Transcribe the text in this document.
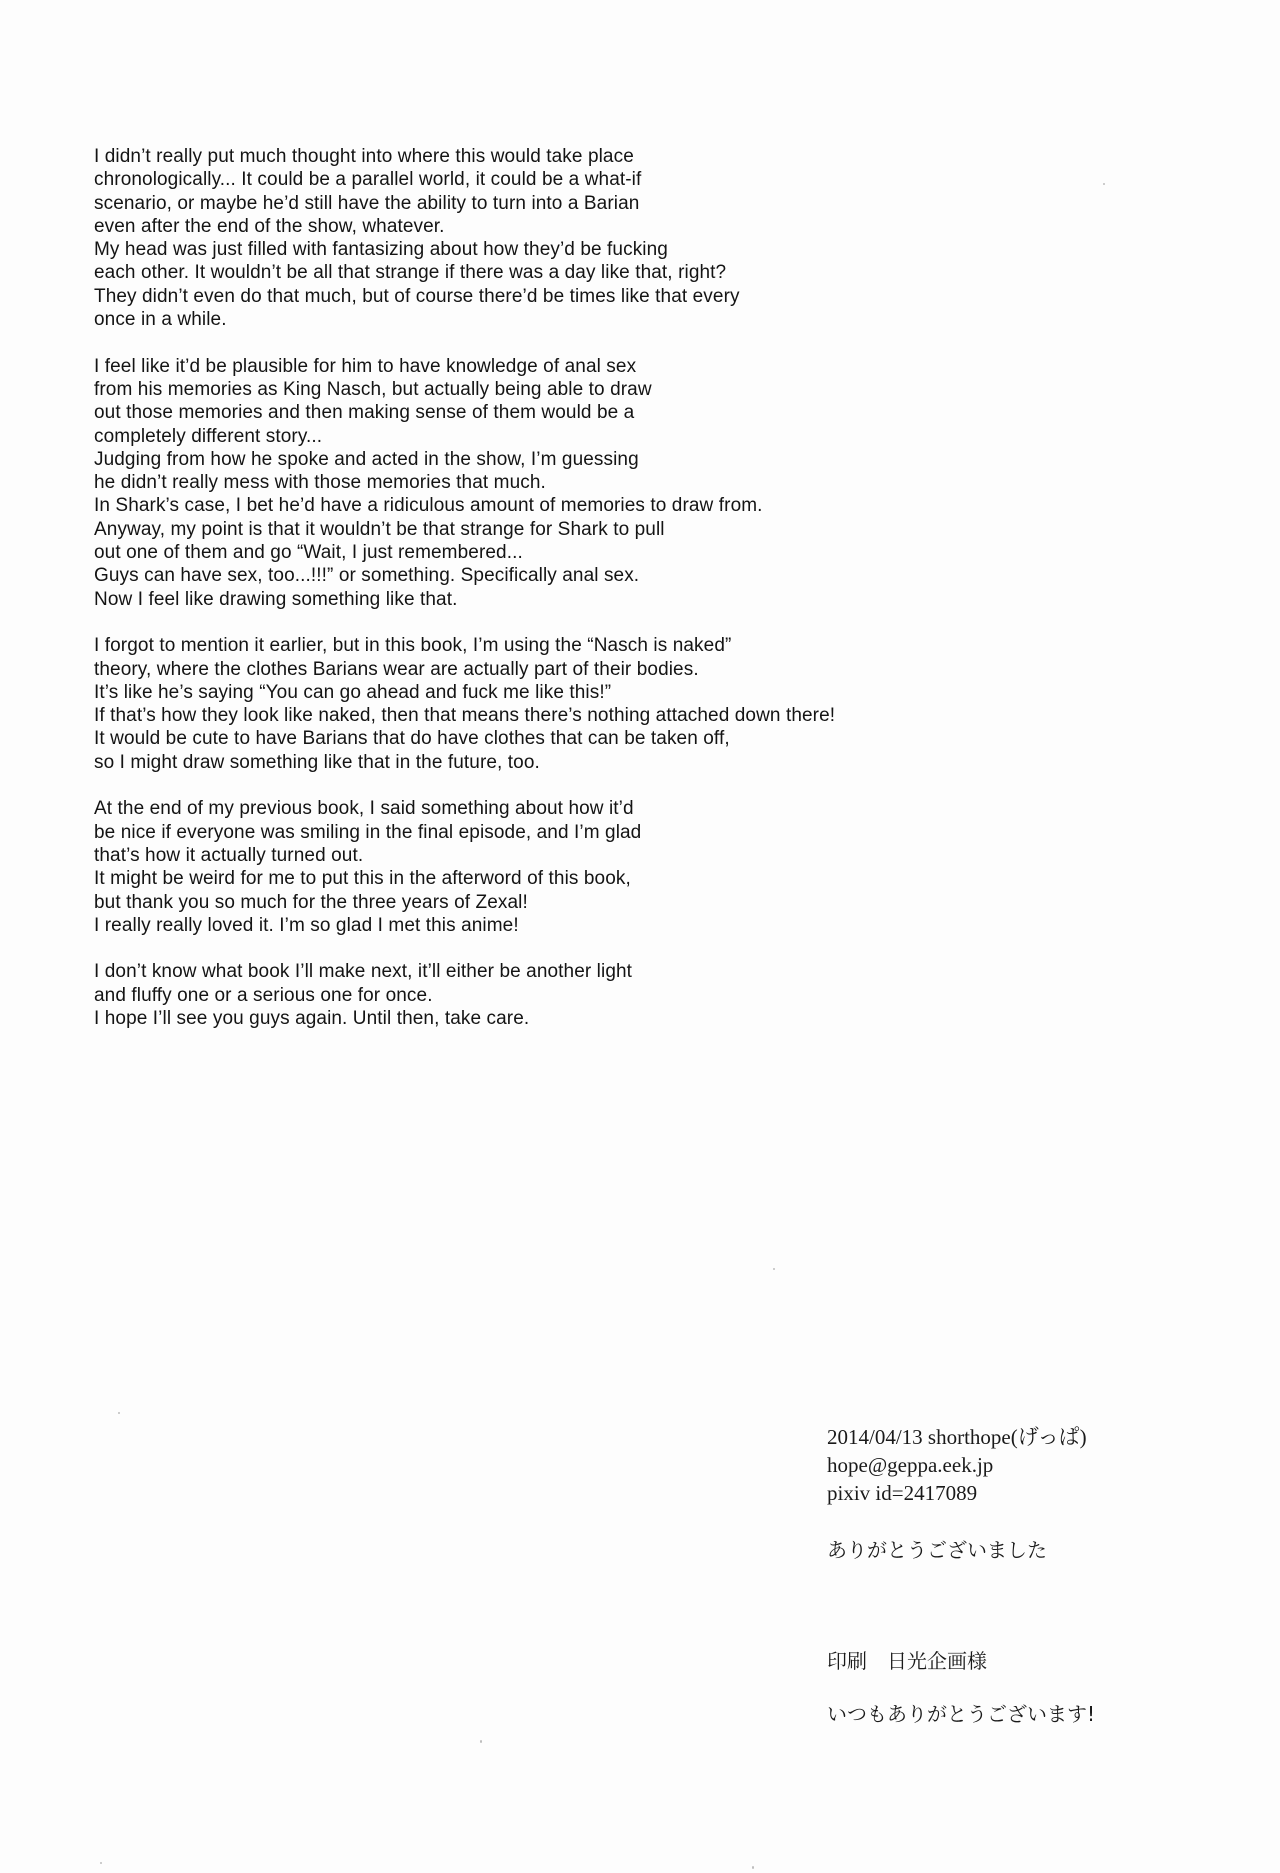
I didn’t really put much thought into where this would take place
chronologically... It could be a parallel world, it could be a what-if
scenario, or maybe he’d still have the ability to turn into a Barian
even after the end of the show, whatever.
My head was just filled with fantasizing about how they’d be fucking
each other. It wouldn’t be all that strange if there was a day like that, right?
They didn’t even do that much, but of course there’d be times like that every
once in a while.
I feel like it’d be plausible for him to have knowledge of anal sex
from his memories as King Nasch, but actually being able to draw
out those memories and then making sense of them would be a
completely different story...
Judging from how he spoke and acted in the show, I’m guessing
he didn’t really mess with those memories that much.
In Shark’s case, I bet he’d have a ridiculous amount of memories to draw from.
Anyway, my point is that it wouldn’t be that strange for Shark to pull
out one of them and go “Wait, I just remembered...
Guys can have sex, too...!!!” or something. Specifically anal sex.
Now I feel like drawing something like that.
I forgot to mention it earlier, but in this book, I’m using the “Nasch is naked”
theory, where the clothes Barians wear are actually part of their bodies.
It’s like he’s saying “You can go ahead and fuck me like this!”
If that’s how they look like naked, then that means there’s nothing attached down there!
It would be cute to have Barians that do have clothes that can be taken off,
so I might draw something like that in the future, too.
At the end of my previous book, I said something about how it’d
be nice if everyone was smiling in the final episode, and I’m glad
that’s how it actually turned out.
It might be weird for me to put this in the afterword of this book,
but thank you so much for the three years of Zexal!
I really really loved it. I’m so glad I met this anime!
I don’t know what book I’ll make next, it’ll either be another light
and fluffy one or a serious one for once.
I hope I’ll see you guys again. Until then, take care.
2014/04/13 shorthope(げっぱ)
hope@geppa.eek.jp
pixiv id=2417089
ありがとうございました
印刷　日光企画様
いつもありがとうございます!
